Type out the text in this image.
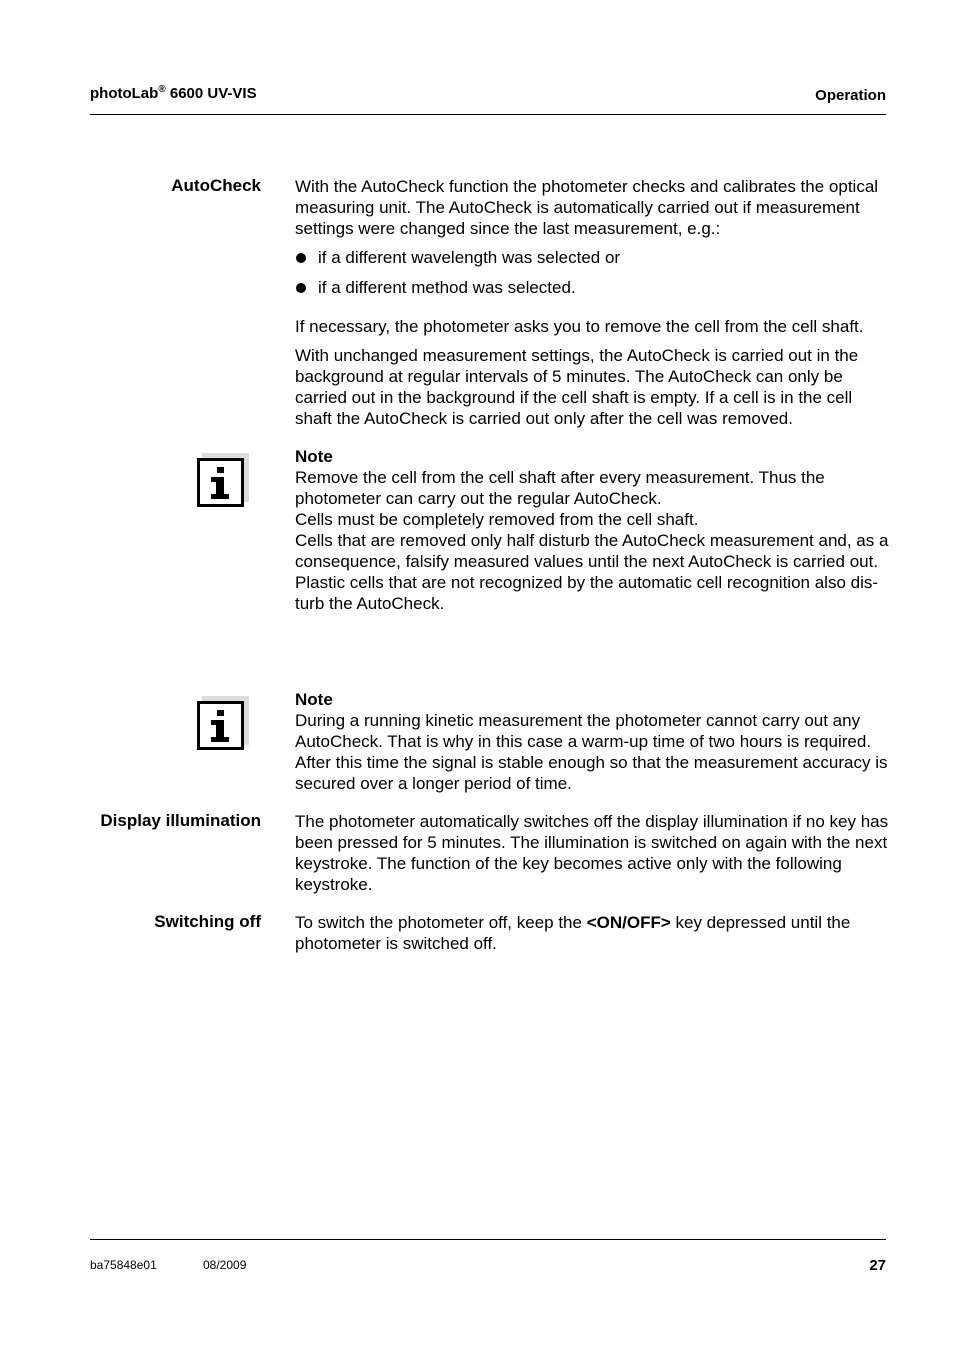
photoLab® 6600 UV-VIS	Operation
AutoCheck With the AutoCheck function the photometer checks and calibrates the optical measuring unit. The AutoCheck is automatically carried out if measurement settings were changed since the last measurement, e.g.:

if a different wavelength was selected or
if a different method was selected.
If necessary, the photometer asks you to remove the cell from the cell shaft.
With unchanged measurement settings, the AutoCheck is carried out in the background at regular intervals of 5 minutes. The AutoCheck can only be carried out in the background if the cell shaft is empty. If a cell is in the cell shaft the AutoCheck is carried out only after the cell was removed.

Note

Remove the cell from the cell shaft after every measurement. Thus the photometer can carry out the regular AutoCheck.

Cells must be completely removed from the cell shaft.

Cells that are removed only half disturb the AutoCheck measurement and, as a consequence, falsify measured values until the next AutoCheck is carried out.

Plastic cells that are not recognized by the automatic cell recognition also dis-turb the AutoCheck.

Note

During a running kinetic measurement the photometer cannot carry out any AutoCheck. That is why in this case a warm-up time of two hours is required. After this time the signal is stable enough so that the measurement accuracy is secured over a longer period of time.

Display illumination The photometer automatically switches off the display illumination if no key has been pressed for 5 minutes. The illumination is switched on again with the next keystroke. The function of the key becomes active only with the following keystroke.
Switching off To switch the photometer off, keep the <ON/OFF> key depressed until the photometer is switched off.
ba75848e01	08/2009	27
